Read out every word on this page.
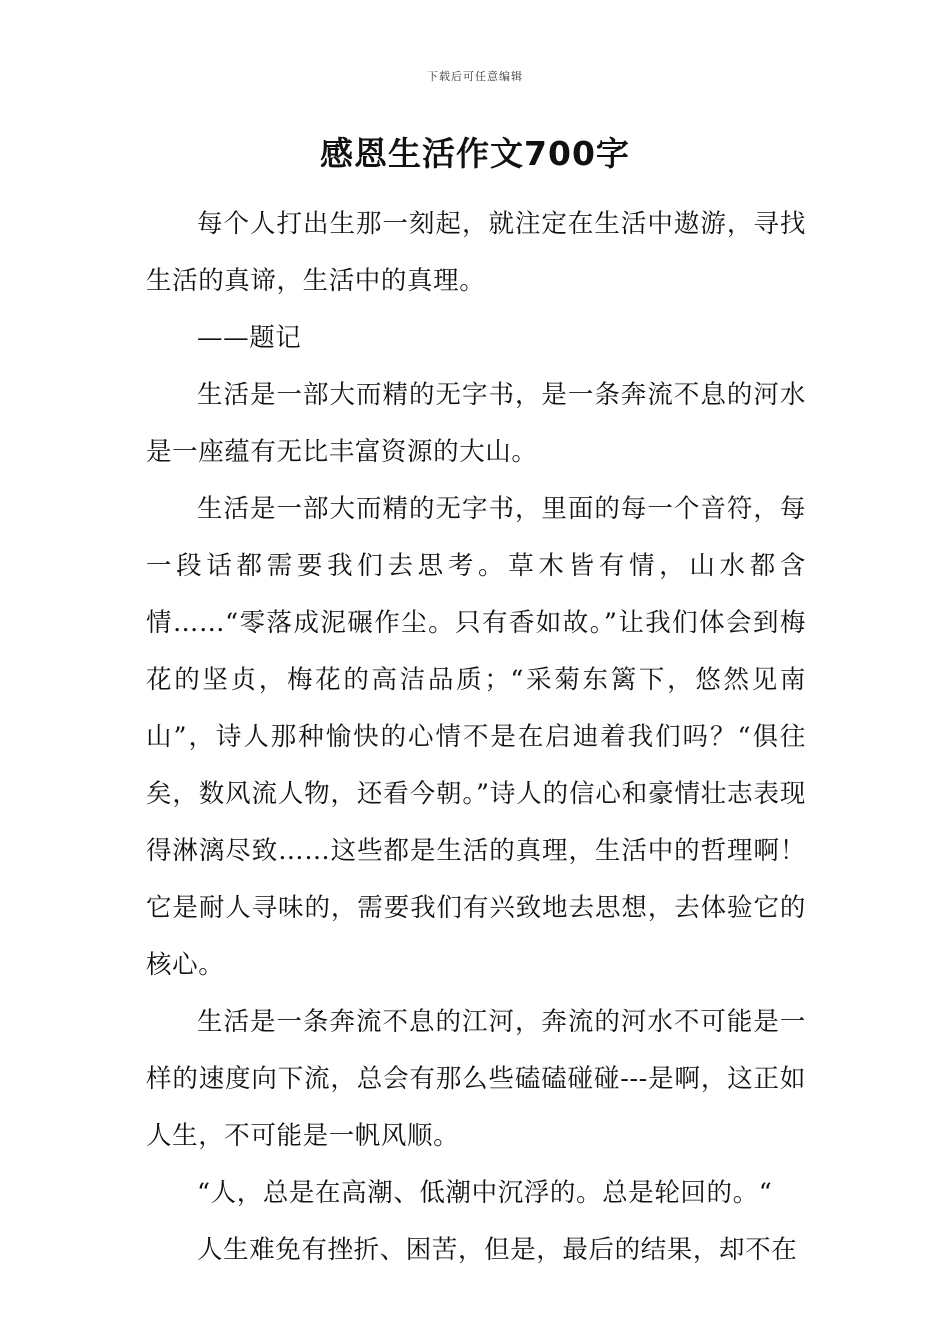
下载后可任意编辑
感恩生活作文700字

每个人打出生那一刻起，就注定在生活中遨游，寻找生活的真谛，生活中的真理。

——题记

生活是一部大而精的无字书，是一条奔流不息的河水是一座蕴有无比丰富资源的大山。

生活是一部大而精的无字书，里面的每一个音符，每一段话都需要我们去思考。草木皆有情，山水都含情……“零落成泥碾作尘。只有香如故。”让我们体会到梅花的坚贞，梅花的高洁品质；“采菊东篱下，悠然见南山”，诗人那种愉快的心情不是在启迪着我们吗？“俱往矣，数风流人物，还看今朝。”诗人的信心和豪情壮志表现得淋漓尽致……这些都是生活的真理，生活中的哲理啊！它是耐人寻味的，需要我们有兴致地去思想，去体验它的核心。

生活是一条奔流不息的江河，奔流的河水不可能是一样的速度向下流，总会有那么些磕磕碰碰---是啊，这正如人生，不可能是一帆风顺。

“人，总是在高潮、低潮中沉浮的。总是轮回的。“

人生难免有挫折、困苦，但是，最后的结果，却不在
